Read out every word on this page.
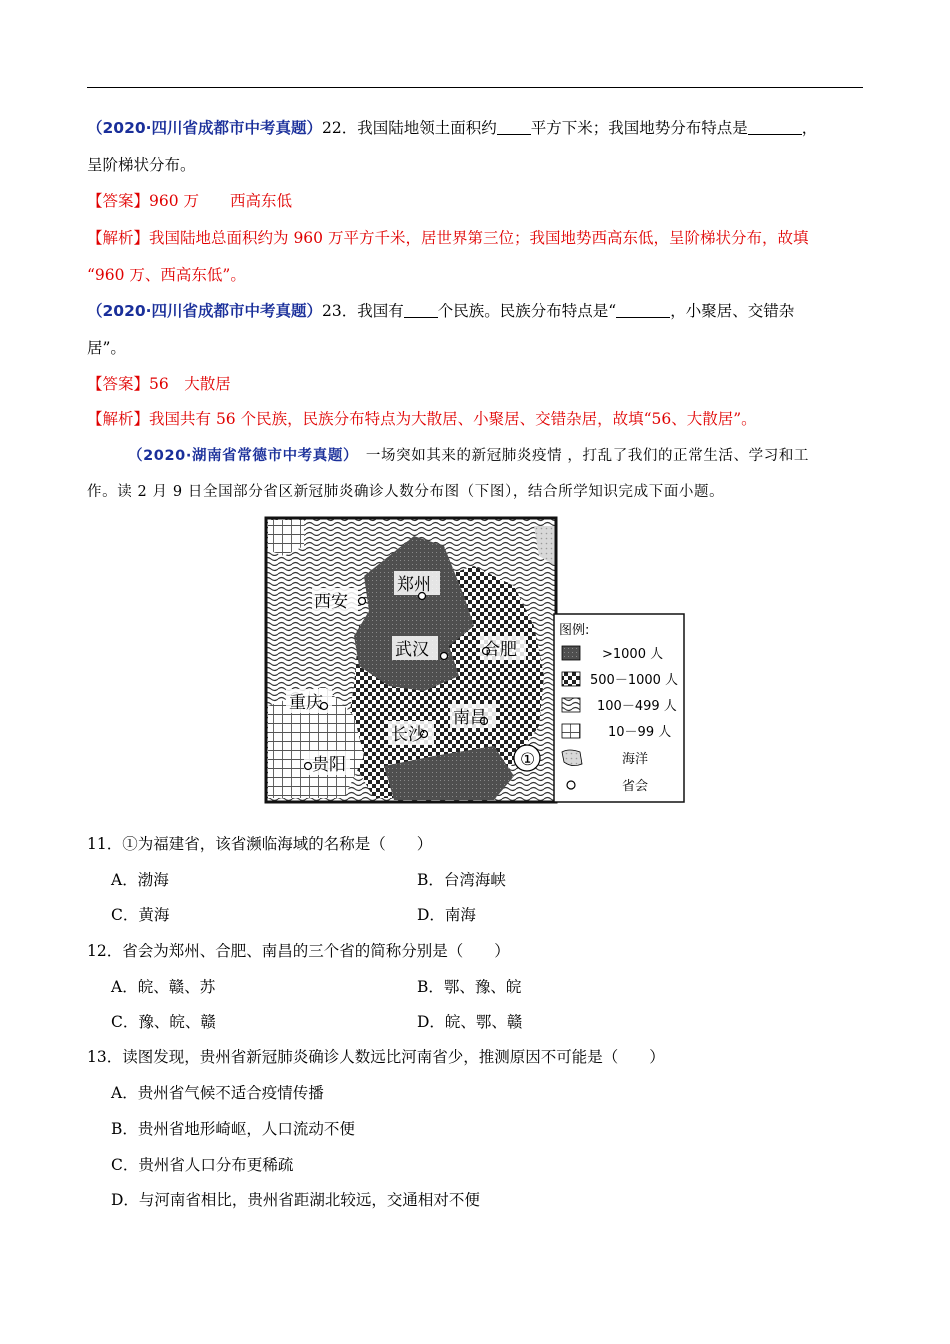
（2020·四川省成都市中考真题）22．我国陆地领土面积约 平方下米；我国地势分布特点是	，
呈阶梯状分布。
【答案】960 万　　西高东低
【解析】我国陆地总面积约为 960 万平方千米，居世界第三位；我国地势西高东低，呈阶梯状分布，故填
“960 万、西高东低”。
（2020·四川省成都市中考真题）23．我国有 个民族。民族分布特点是“	，小聚居、交错杂
居”。
【答案】56　大散居
【解析】我国共有 56 个民族，民族分布特点为大散居、小聚居、交错杂居，故填“56、大散居”。
（2020·湖南省常德市中考真题）　一场突如其来的新冠肺炎疫情 ，打乱了我们的正常生活、学习和工
作。读 2 月 9 日全国部分省区新冠肺炎确诊人数分布图（下图），结合所学知识完成下面小题。
郑州
西安
武汉	合肥
重庆
南昌
长沙
贵阳	①
图例:
>1000 人
500－1000 人
100－499 人
10－99 人
海洋
省会
11．①为福建省，该省濒临海域的名称是（　　）
A．渤海	B．台湾海峡
C．黄海	D．南海
12．省会为郑州、合肥、南昌的三个省的简称分别是（　　）
A．皖、赣、苏	B．鄂、豫、皖
C．豫、皖、赣	D．皖、鄂、赣
13．读图发现，贵州省新冠肺炎确诊人数远比河南省少，推测原因不可能是（　　）
A．贵州省气候不适合疫情传播
B．贵州省地形崎岖，人口流动不便
C．贵州省人口分布更稀疏
D．与河南省相比，贵州省距湖北较远，交通相对不便
